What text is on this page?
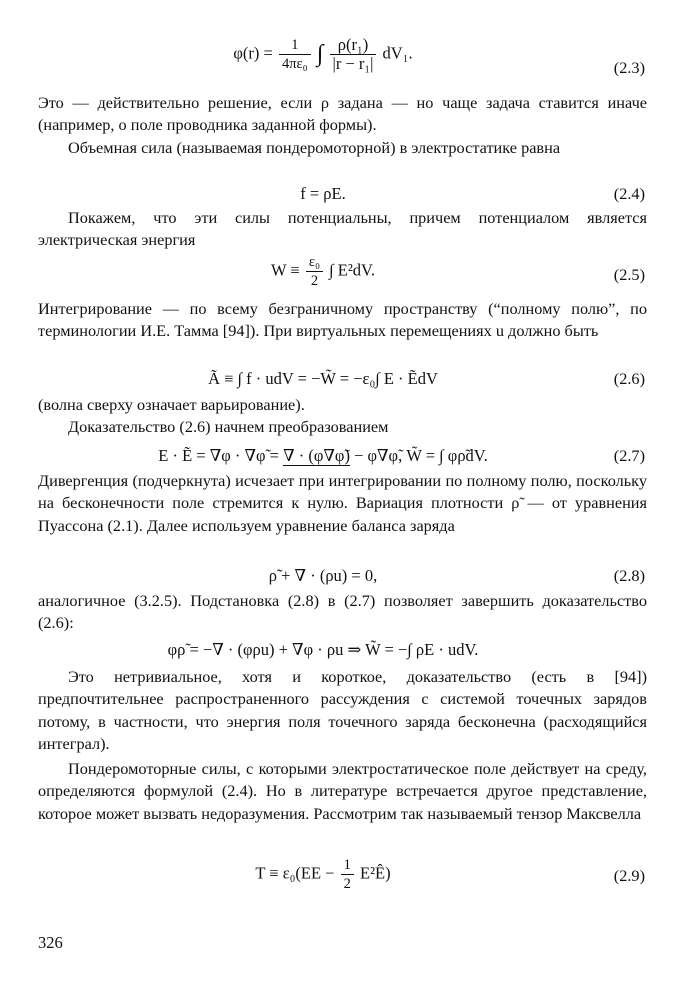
$\varphi(r) = \frac{1}{\text{4πε₀}}$ ∫ $\frac{\text{ρ(r₁)}}{\text{|r − r₁|}} dV_1$.
(2.3)

Это — действительно решение, если ρ задана — но чаще задача ставится иначе (например, о поле проводника заданной формы).

Объемная сила (называемая пондеромоторной) в электростатике равна

f = ρE.	(2.4)

Покажем, что эти силы потенциальны, причем потенциалом является электрическая энергия

$W \equiv \frac{\text{ε₀}}{2}$ ∫ E²dV.	(2.5)

Интегрирование — по всему безграничному пространству (“полному полю”, по терминологии И.Е. Тамма [94]). При виртуальных перемещениях u должно быть

Ã ≡ ∫ f · udV = −W̃ = −ε₀∫ E · ẼdV	(2.6)

(волна сверху означает варьирование).

Доказательство (2.6) начнем преобразованием

E · Ẽ = ∇φ · ∇φ̃ = ∇ · (φ∇φ̃) − φ∇φ̃, W̃ = ∫ φρ̃dV.	(2.7)

Дивергенция (подчеркнута) исчезает при интегрировании по полному полю, поскольку на бесконечности поле стремится к нулю. Вариация плотности ρ̃ — от уравнения Пуассона (2.1). Далее используем уравнение баланса заряда

ρ̃ + ∇ · (ρu) = 0,	(2.8)

аналогичное (3.2.5). Подстановка (2.8) в (2.7) позволяет завершить доказательство (2.6):

φρ̃ = −∇ · (φρu) + ∇φ · ρu ⇒ W̃ = −∫ ρE · udV.

Это нетривиальное, хотя и короткое, доказательство (есть в [94]) предпочтительнее распространенного рассуждения с системой точечных зарядов потому, в частности, что энергия поля точечного заряда бесконечна (расходящийся интеграл).

Пондеромоторные силы, с которыми электростатическое поле действует на среду, определяются формулой (2.4). Но в литературе встречается другое представление, которое может вызвать недоразумения. Рассмотрим так называемый тензор Максвелла

$T \equiv \varepsilon_0(EE - \frac{1}{2}$ E²Ê)	(2.9)
326
